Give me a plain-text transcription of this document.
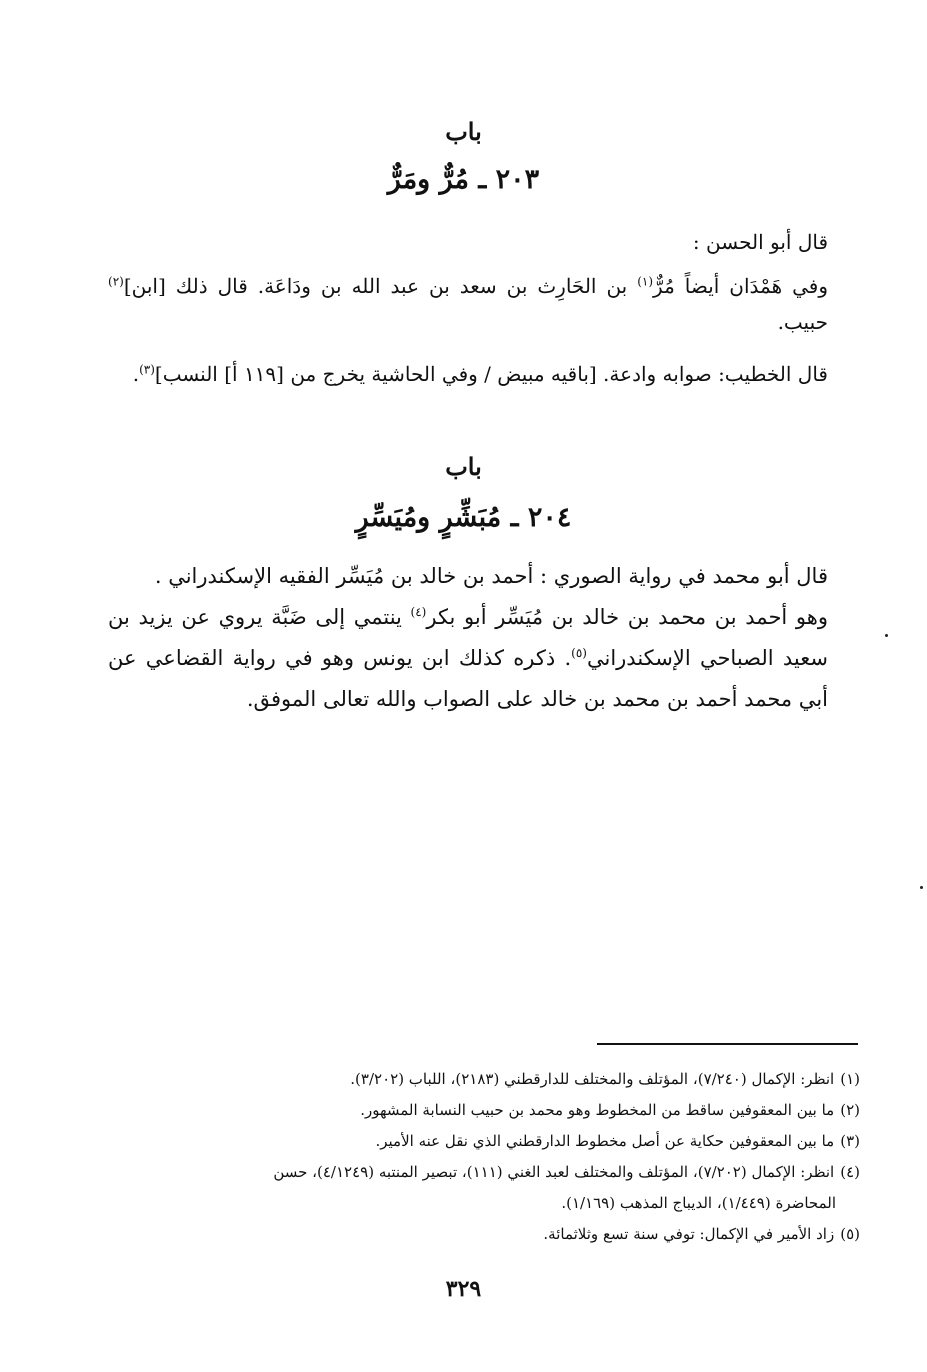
باب
٢٠٣ ـ مُرٌّ ومَرٌّ
قال أبو الحسن :
وفي هَمْدَان أيضاً مُرٌّ$^{(١)}$ بن الحَارِث بن سعد بن عبد الله بن ودَاعَة. قال ذلك [ابن]$^{(٢)}$ حبيب.
قال الخطيب: صوابه وادعة. [باقيه مبيض / وفي الحاشية يخرج من [١١٩ أ] النسب]$^{(٣)}$.
باب
٢٠٤ ـ مُبَشِّرٍ ومُيَسِّرٍ
قال أبو محمد في رواية الصوري : أحمد بن خالد بن مُيَسِّر الفقيه الإسكندراني .
وهو أحمد بن محمد بن خالد بن مُيَسِّر أبو بكر$^{(٤)}$ ينتمي إلى ضَبَّة يروي عن يزيد بن سعيد الصباحي الإسكندراني$^{(٥)}$. ذكره كذلك ابن يونس وهو في رواية القضاعي عن أبي محمد أحمد بن محمد بن خالد على الصواب والله تعالى الموفق.
(١)انظر: الإكمال (٧/٢٤٠)، المؤتلف والمختلف للدارقطني (٢١٨٣)، اللباب (٣/٢٠٢).
(٢)ما بين المعقوفين ساقط من المخطوط وهو محمد بن حبيب النسابة المشهور.
(٣)ما بين المعقوفين حكاية عن أصل مخطوط الدارقطني الذي نقل عنه الأمير.
(٤)انظر: الإكمال (٧/٢٠٢)، المؤتلف والمختلف لعبد الغني (١١١)، تبصير المنتبه (٤/١٢٤٩)، حسن
المحاضرة (١/٤٤٩)، الديباج المذهب (١/١٦٩).
(٥)زاد الأمير في الإكمال: توفي سنة تسع وثلاثمائة.
٣٢٩
